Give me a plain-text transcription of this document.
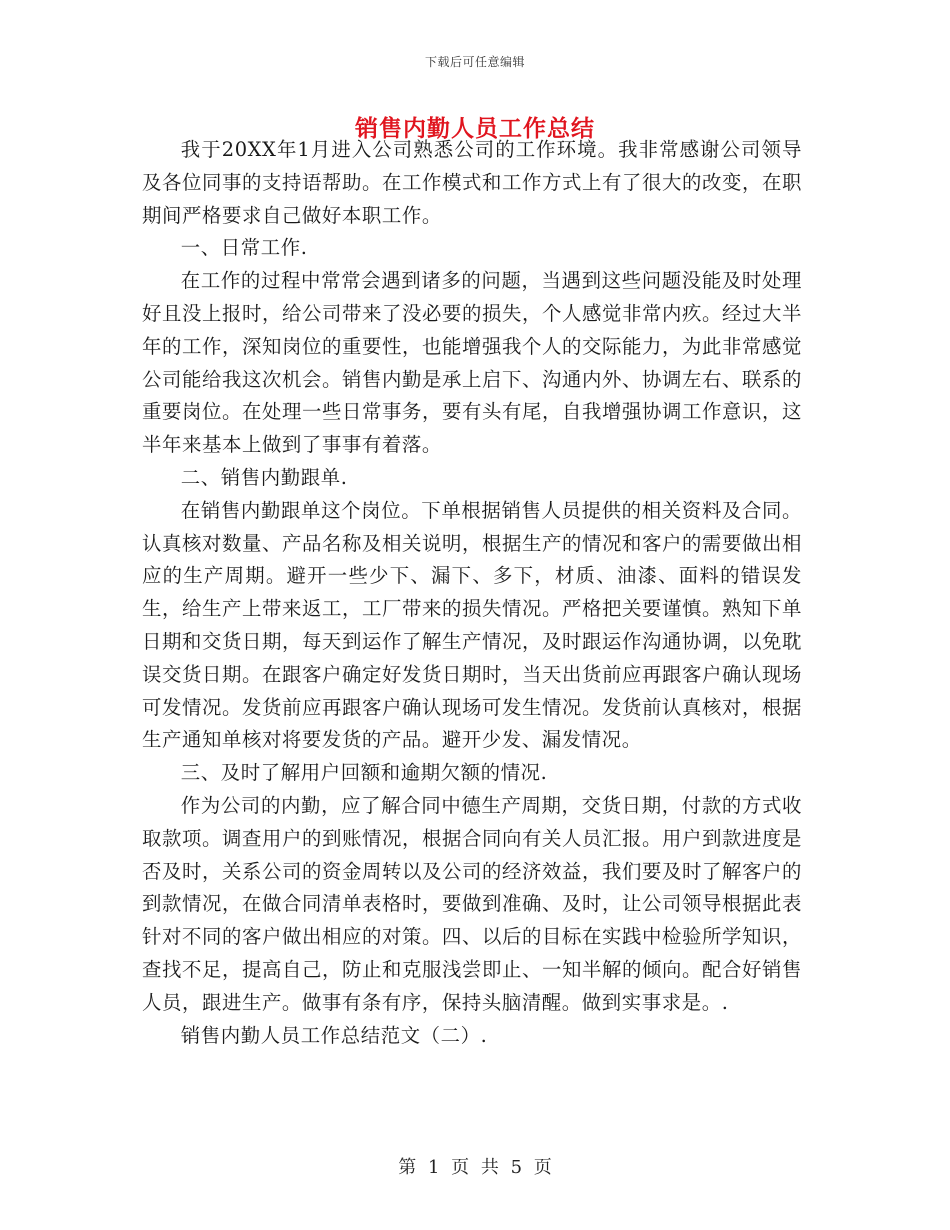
下载后可任意编辑
销售内勤人员工作总结

我于20XX年1月进入公司熟悉公司的工作环境。我非常感谢公司领导及各位同事的支持语帮助。在工作模式和工作方式上有了很大的改变，在职期间严格要求自己做好本职工作。

一、日常工作.

在工作的过程中常常会遇到诸多的问题，当遇到这些问题没能及时处理好且没上报时，给公司带来了没必要的损失，个人感觉非常内疚。经过大半年的工作，深知岗位的重要性，也能增强我个人的交际能力，为此非常感觉公司能给我这次机会。销售内勤是承上启下、沟通内外、协调左右、联系的重要岗位。在处理一些日常事务，要有头有尾，自我增强协调工作意识，这半年来基本上做到了事事有着落。

二、销售内勤跟单.

在销售内勤跟单这个岗位。下单根据销售人员提供的相关资料及合同。认真核对数量、产品名称及相关说明，根据生产的情况和客户的需要做出相应的生产周期。避开一些少下、漏下、多下，材质、油漆、面料的错误发生，给生产上带来返工，工厂带来的损失情况。严格把关要谨慎。熟知下单日期和交货日期，每天到运作了解生产情况，及时跟运作沟通协调，以免耽误交货日期。在跟客户确定好发货日期时，当天出货前应再跟客户确认现场可发情况。发货前应再跟客户确认现场可发生情况。发货前认真核对，根据生产通知单核对将要发货的产品。避开少发、漏发情况。

三、及时了解用户回额和逾期欠额的情况.

作为公司的内勤，应了解合同中德生产周期，交货日期，付款的方式收取款项。调查用户的到账情况，根据合同向有关人员汇报。用户到款进度是否及时，关系公司的资金周转以及公司的经济效益，我们要及时了解客户的到款情况，在做合同清单表格时，要做到准确、及时，让公司领导根据此表针对不同的客户做出相应的对策。四、以后的目标在实践中检验所学知识，查找不足，提高自己，防止和克服浅尝即止、一知半解的倾向。配合好销售人员，跟进生产。做事有条有序，保持头脑清醒。做到实事求是。.

销售内勤人员工作总结范文（二）.

第 1 页 共 5 页
